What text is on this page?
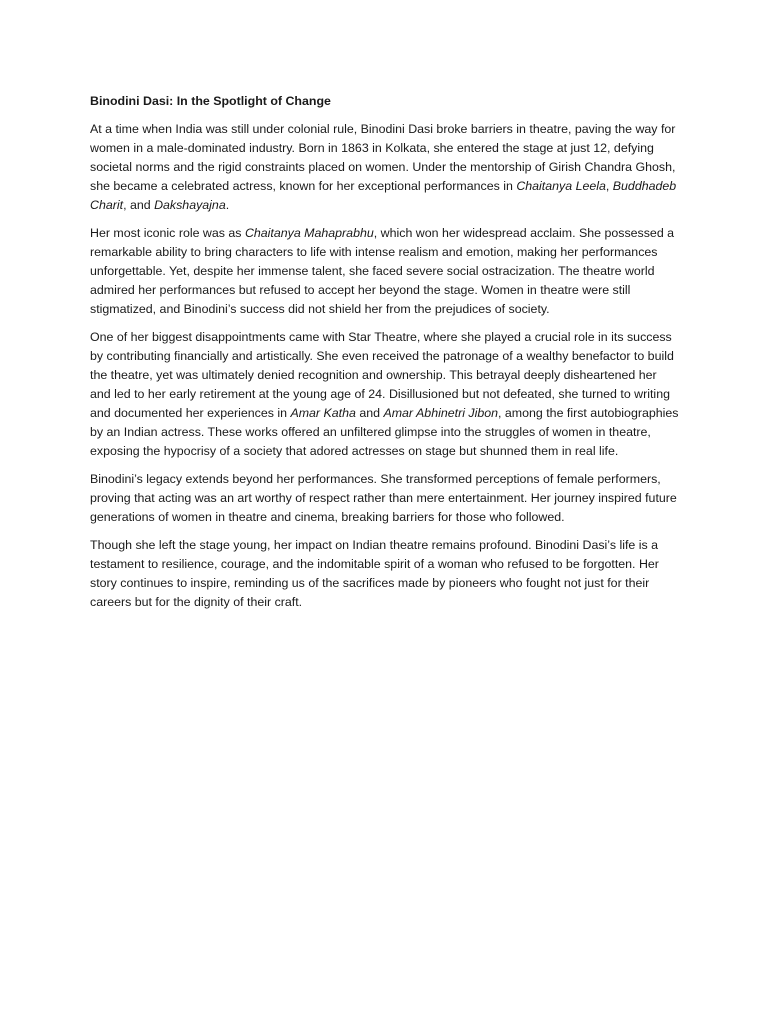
Binodini Dasi: In the Spotlight of Change

At a time when India was still under colonial rule, Binodini Dasi broke barriers in theatre, paving the way for women in a male-dominated industry. Born in 1863 in Kolkata, she entered the stage at just 12, defying societal norms and the rigid constraints placed on women. Under the mentorship of Girish Chandra Ghosh, she became a celebrated actress, known for her exceptional performances in Chaitanya Leela, Buddhadeb Charit, and Dakshayajna.

Her most iconic role was as Chaitanya Mahaprabhu, which won her widespread acclaim. She possessed a remarkable ability to bring characters to life with intense realism and emotion, making her performances unforgettable. Yet, despite her immense talent, she faced severe social ostracization. The theatre world admired her performances but refused to accept her beyond the stage. Women in theatre were still stigmatized, and Binodini’s success did not shield her from the prejudices of society.

One of her biggest disappointments came with Star Theatre, where she played a crucial role in its success by contributing financially and artistically. She even received the patronage of a wealthy benefactor to build the theatre, yet was ultimately denied recognition and ownership. This betrayal deeply disheartened her and led to her early retirement at the young age of 24. Disillusioned but not defeated, she turned to writing and documented her experiences in Amar Katha and Amar Abhinetri Jibon, among the first autobiographies by an Indian actress. These works offered an unfiltered glimpse into the struggles of women in theatre, exposing the hypocrisy of a society that adored actresses on stage but shunned them in real life.

Binodini’s legacy extends beyond her performances. She transformed perceptions of female performers, proving that acting was an art worthy of respect rather than mere entertainment. Her journey inspired future generations of women in theatre and cinema, breaking barriers for those who followed.

Though she left the stage young, her impact on Indian theatre remains profound. Binodini Dasi’s life is a testament to resilience, courage, and the indomitable spirit of a woman who refused to be forgotten. Her story continues to inspire, reminding us of the sacrifices made by pioneers who fought not just for their careers but for the dignity of their craft.
